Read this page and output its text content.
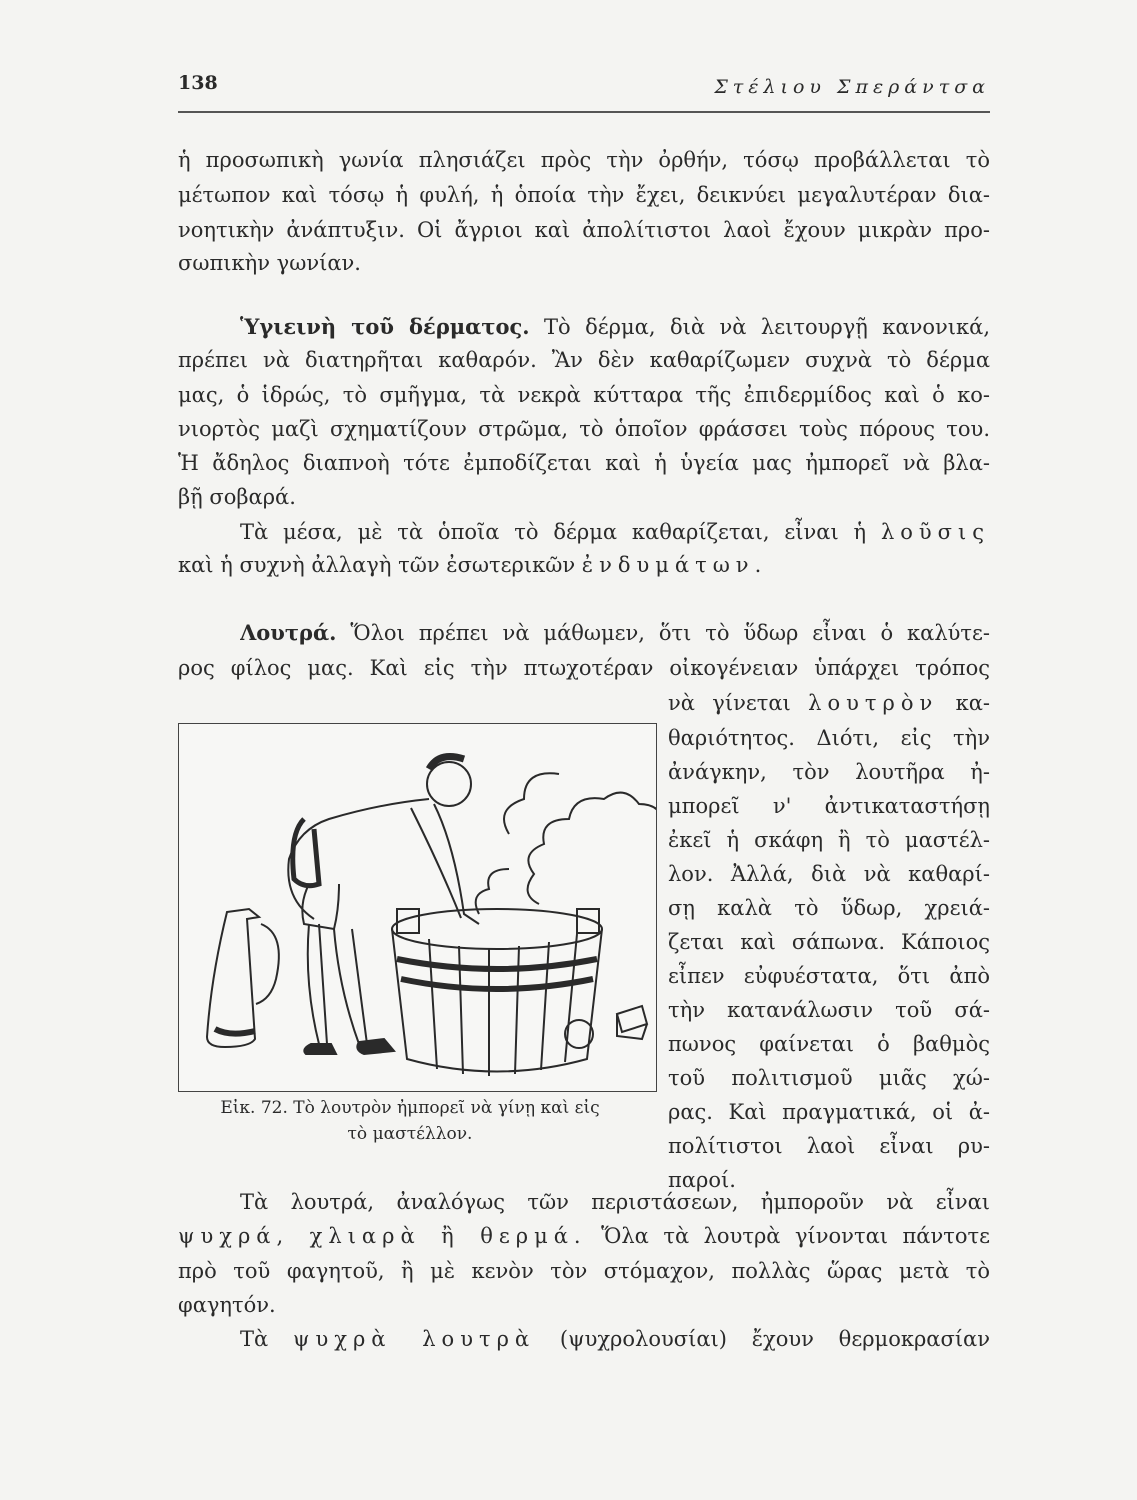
138	Στέλιου Σπεράντσα
ἡ προσωπικὴ γωνία πλησιάζει πρὸς τὴν ὀρθήν, τόσῳ προβάλλεται τὸ
μέτωπον καὶ τόσῳ ἡ φυλή, ἡ ὁποία τὴν ἔχει, δεικνύει μεγαλυτέραν δια-
νοητικὴν ἀνάπτυξιν. Οἱ ἄγριοι καὶ ἀπολίτιστοι λαοὶ ἔχουν μικρὰν προ-
σωπικὴν γωνίαν.
Ὑγιεινὴ τοῦ δέρματος. Τὸ δέρμα, διὰ νὰ λειτουργῇ κανονικά,
πρέπει νὰ διατηρῆται καθαρόν. Ἂν δὲν καθαρίζωμεν συχνὰ τὸ δέρμα
μας, ὁ ἱδρώς, τὸ σμῆγμα, τὰ νεκρὰ κύτταρα τῆς ἐπιδερμίδος καὶ ὁ κο-
νιορτὸς μαζὶ σχηματίζουν στρῶμα, τὸ ὁποῖον φράσσει τοὺς πόρους του.
Ἡ ἄδηλος διαπνοὴ τότε ἐμποδίζεται καὶ ἡ ὑγεία μας ἠμπορεῖ νὰ βλα-
βῇ σοβαρά.
Τὰ μέσα, μὲ τὰ ὁποῖα τὸ δέρμα καθαρίζεται, εἶναι ἡ λοῦσις
καὶ ἡ συχνὴ ἀλλαγὴ τῶν ἐσωτερικῶν ἐνδυμάτων.
Λουτρά. Ὅλοι πρέπει νὰ μάθωμεν, ὅτι τὸ ὕδωρ εἶναι ὁ καλύτε-
ρος φίλος μας. Καὶ εἰς τὴν πτωχοτέραν οἰκογένειαν ὑπάρχει τρόπος
νὰ γίνεται λουτρὸν κα-
θαριότητος. Διότι, εἰς τὴν
ἀνάγκην, τὸν λουτῆρα ἠ-
μπορεῖ ν' ἀντικαταστήσῃ
ἐκεῖ ἡ σκάφη ἢ τὸ μαστέλ-
λον. Ἀλλά, διὰ νὰ καθαρί-
σῃ καλὰ τὸ ὕδωρ, χρειά-
ζεται καὶ σάπωνα. Κάποιος
εἶπεν εὐφυέστατα, ὅτι ἀπὸ
τὴν κατανάλωσιν τοῦ σά-
πωνος φαίνεται ὁ βαθμὸς
τοῦ πολιτισμοῦ μιᾶς χώ-
ρας. Καὶ πραγματικά, οἱ ἀ-
πολίτιστοι λαοὶ εἶναι ρυ-
παροί.
Εἰκ. 72. Τὸ λουτρὸν ἠμπορεῖ νὰ γίνῃ καὶ εἰς
τὸ μαστέλλον.
Τὰ λουτρά, ἀναλόγως τῶν περιστάσεων, ἠμποροῦν νὰ εἶναι
ψυχρά, χλιαρὰ ἢ θερμά. Ὅλα τὰ λουτρὰ γίνονται πάντοτε
πρὸ τοῦ φαγητοῦ, ἢ μὲ κενὸν τὸν στόμαχον, πολλὰς ὥρας μετὰ τὸ
φαγητόν.
Τὰ ψυχρὰ λουτρὰ (ψυχρολουσίαι) ἔχουν θερμοκρασίαν
